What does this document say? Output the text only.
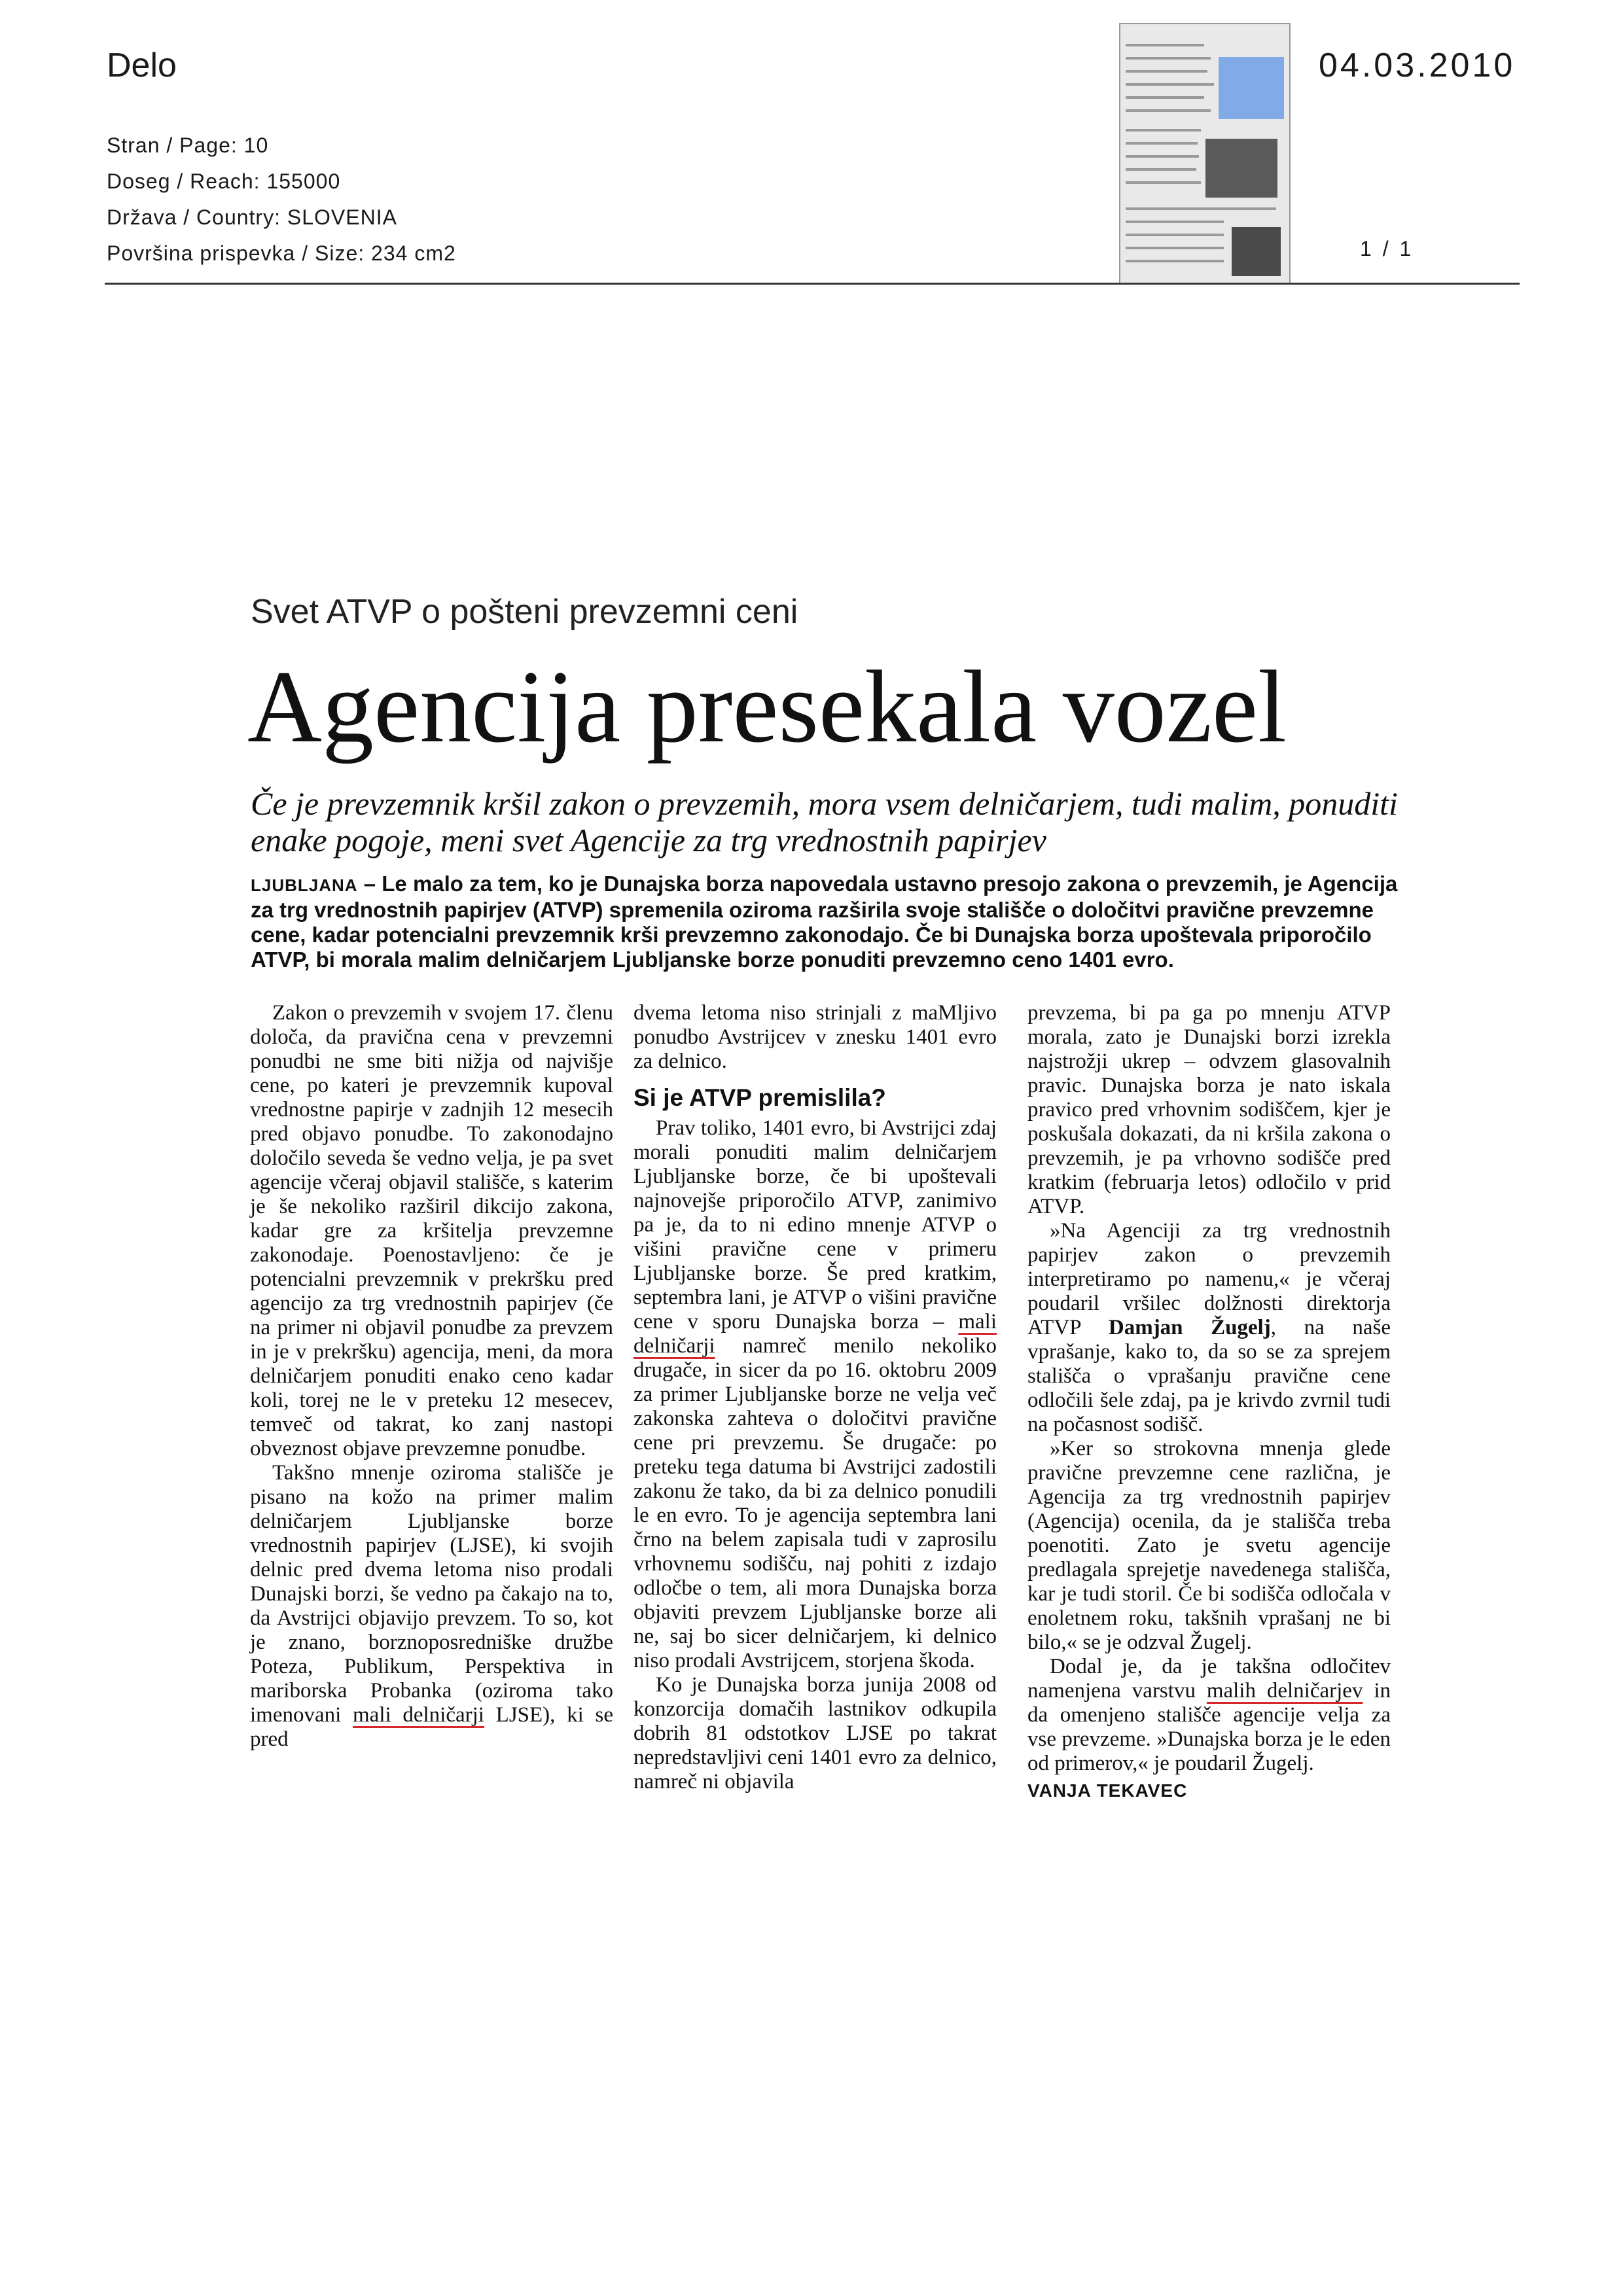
Delo	04.03.2010
Stran / Page: 10
Doseg / Reach: 155000
Država / Country: SLOVENIA
Površina prispevka / Size: 234 cm2	1 / 1
Svet ATVP o pošteni prevzemni ceni
Agencija presekala vozel
Če je prevzemnik kršil zakon o prevzemih, mora vsem delničarjem, tudi malim, ponuditi enake pogoje, meni svet Agencije za trg vrednostnih papirjev
LJUBLJANA – Le malo za tem, ko je Dunajska borza napovedala ustavno presojo zakona o prevzemih, je Agencija za trg vrednostnih papirjev (ATVP) spremenila oziroma razširila svoje stališče o določitvi pravične prevzemne cene, kadar potencialni prevzemnik krši prevzemno zakonodajo. Če bi Dunajska borza upoštevala priporočilo ATVP, bi morala malim delničarjem Ljubljanske borze ponuditi prevzemno ceno 1401 evro.

Zakon o prevzemih v svojem 17. členu določa, da pravična cena v prevzemni ponudbi ne sme biti nižja od najvišje cene, po kateri je prevzemnik kupoval vrednostne papirje v zadnjih 12 mesecih pred objavo ponudbe. To zakonodajno določilo seveda še vedno velja, je pa svet agencije včeraj objavil stališče, s katerim je še nekoliko razširil dikcijo zakona, kadar gre za kršitelja prevzemne zakonodaje. Poenostavljeno: če je potencialni prevzemnik v prekršku pred agencijo za trg vrednostnih papirjev (če na primer ni objavil ponudbe za prevzem in je v prekršku) agencija, meni, da mora delničarjem ponuditi enako ceno kadar koli, torej ne le v preteku 12 mesecev, temveč od takrat, ko zanj nastopi obveznost objave prevzemne ponudbe.

Takšno mnenje oziroma stališče je pisano na kožo na primer malim delničarjem Ljubljanske borze vrednostnih papirjev (LJSE), ki svojih delnic pred dvema letoma niso prodali Dunajski borzi, še vedno pa čakajo na to, da Avstrijci objavijo prevzem. To so, kot je znano, borznoposredniške družbe Poteza, Publikum, Perspektiva in mariborska Probanka (oziroma tako imenovani mali delničarji LJSE), ki se pred

dvema letoma niso strinjali z maMljivo ponudbo Avstrijcev v znesku 1401 evro za delnico.

Si je ATVP premislila?

Prav toliko, 1401 evro, bi Avstrijci zdaj morali ponuditi malim delničarjem Ljubljanske borze, če bi upoštevali najnovejše priporočilo ATVP, zanimivo pa je, da to ni edino mnenje ATVP o višini pravične cene v primeru Ljubljanske borze. Še pred kratkim, septembra lani, je ATVP o višini pravične cene v sporu Dunajska borza – mali delničarji namreč menilo nekoliko drugače, in sicer da po 16. oktobru 2009 za primer Ljubljanske borze ne velja več zakonska zahteva o določitvi pravične cene pri prevzemu. Še drugače: po preteku tega datuma bi Avstrijci zadostili zakonu že tako, da bi za delnico ponudili le en evro. To je agencija septembra lani črno na belem zapisala tudi v zaprosilu vrhovnemu sodišču, naj pohiti z izdajo odločbe o tem, ali mora Dunajska borza objaviti prevzem Ljubljanske borze ali ne, saj bo sicer delničarjem, ki delnico niso prodali Avstrijcem, storjena škoda.

Ko je Dunajska borza junija 2008 od konzorcija domačih lastnikov odkupila dobrih 81 odstotkov LJSE po takrat nepredstavljivi ceni 1401 evro za delnico, namreč ni objavila

prevzema, bi pa ga po mnenju ATVP morala, zato je Dunajski borzi izrekla najstrožji ukrep – odvzem glasovalnih pravic. Dunajska borza je nato iskala pravico pred vrhovnim sodiščem, kjer je poskušala dokazati, da ni kršila zakona o prevzemih, je pa vrhovno sodišče pred kratkim (februarja letos) odločilo v prid ATVP.

»Na Agenciji za trg vrednostnih papirjev zakon o prevzemih interpretiramo po namenu,« je včeraj poudaril vršilec dolžnosti direktorja ATVP Damjan Žugelj, na naše vprašanje, kako to, da so se za sprejem stališča o vprašanju pravične cene odločili šele zdaj, pa je krivdo zvrnil tudi na počasnost sodišč.

»Ker so strokovna mnenja glede pravične prevzemne cene različna, je Agencija za trg vrednostnih papirjev (Agencija) ocenila, da je stališča treba poenotiti. Zato je svetu agencije predlagala sprejetje navedenega stališča, kar je tudi storil. Če bi sodišča odločala v enoletnem roku, takšnih vprašanj ne bi bilo,« se je odzval Žugelj.

Dodal je, da je takšna odločitev namenjena varstvu malih delničarjev in da omenjeno stališče agencije velja za vse prevzeme. »Dunajska borza je le eden od primerov,« je poudaril Žugelj.

VANJA TEKAVEC
